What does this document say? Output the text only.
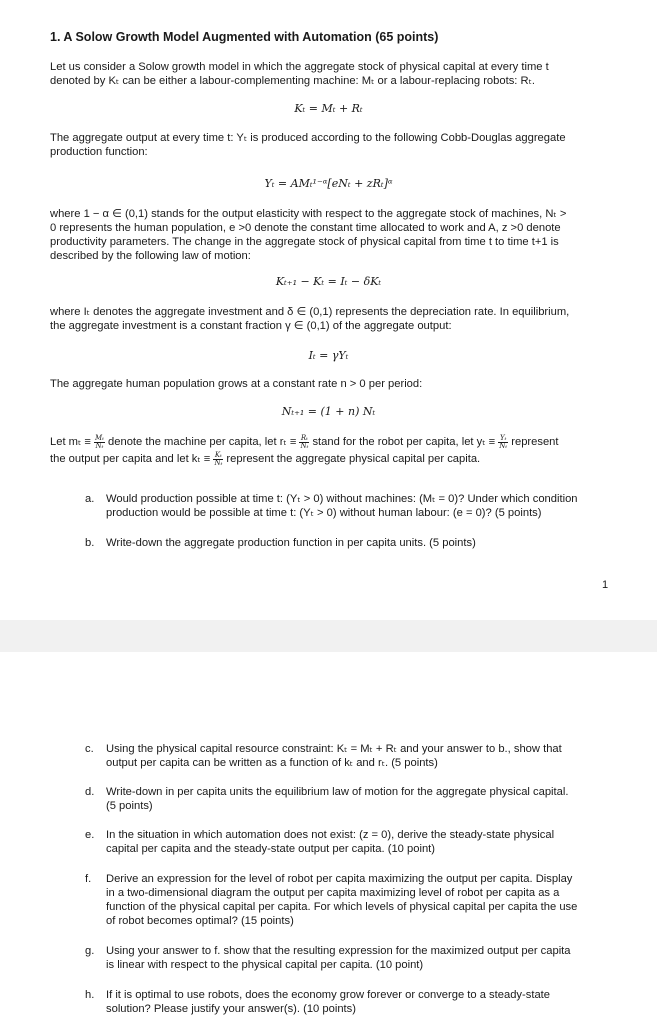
1. A Solow Growth Model Augmented with Automation (65 points)

Let us consider a Solow growth model in which the aggregate stock of physical capital at every time t

denoted by Kₜ can be either a labour-complementing machine: Mₜ or a labour-replacing robots: Rₜ.

Kₜ = Mₜ + Rₜ

The aggregate output at every time t: Yₜ is produced according to the following Cobb-Douglas aggregate

production function:

Yₜ = AMₜ¹⁻ᵅ[eNₜ + zRₜ]ᵅ

where 1 − α ∈ (0,1) stands for the output elasticity with respect to the aggregate stock of machines, Nₜ >

0 represents the human population, e >0 denote the constant time allocated to work and A, z >0 denote

productivity parameters. The change in the aggregate stock of physical capital from time t to time t+1 is

described by the following law of motion:

Kₜ₊₁ − Kₜ = Iₜ − δKₜ

where Iₜ denotes the aggregate investment and δ ∈ (0,1) represents the depreciation rate. In equilibrium,

the aggregate investment is a constant fraction γ ∈ (0,1) of the aggregate output:

Iₜ = γYₜ

The aggregate human population grows at a constant rate n > 0 per period:

Nₜ₊₁ = (1 + n) Nₜ

Let $m_t \equiv \frac{\text{Mₜ}}{\text{Nₜ}}$ denote the machine per capita, let $r_t \equiv \frac{\text{Rₜ}}{\text{Nₜ}}$ stand for the robot per capita, let $y_t \equiv \frac{\text{Yₜ}}{\text{Nₜ}}$ represent

the output per capita and let $k_t \equiv \frac{\text{Kₜ}}{\text{Nₜ}}$ represent the aggregate physical capital per capita.

a. Would production possible at time t: (Yₜ > 0) without machines: (Mₜ = 0)? Under which condition

production would be possible at time t: (Yₜ > 0) without human labour: (e = 0)? (5 points)

b. Write-down the aggregate production function in per capita units. (5 points)

1
c. Using the physical capital resource constraint: Kₜ = Mₜ + Rₜ and your answer to b., show that

output per capita can be written as a function of kₜ and rₜ. (5 points)

d. Write-down in per capita units the equilibrium law of motion for the aggregate physical capital.

(5 points)

e. In the situation in which automation does not exist: (z = 0), derive the steady-state physical

capital per capita and the steady-state output per capita. (10 point)

f. Derive an expression for the level of robot per capita maximizing the output per capita. Display

in a two-dimensional diagram the output per capita maximizing level of robot per capita as a

function of the physical capital per capita. For which levels of physical capital per capita the use

of robot becomes optimal? (15 points)

g. Using your answer to f. show that the resulting expression for the maximized output per capita

is linear with respect to the physical capital per capita. (10 point)

h. If it is optimal to use robots, does the economy grow forever or converge to a steady-state

solution? Please justify your answer(s). (10 points)
